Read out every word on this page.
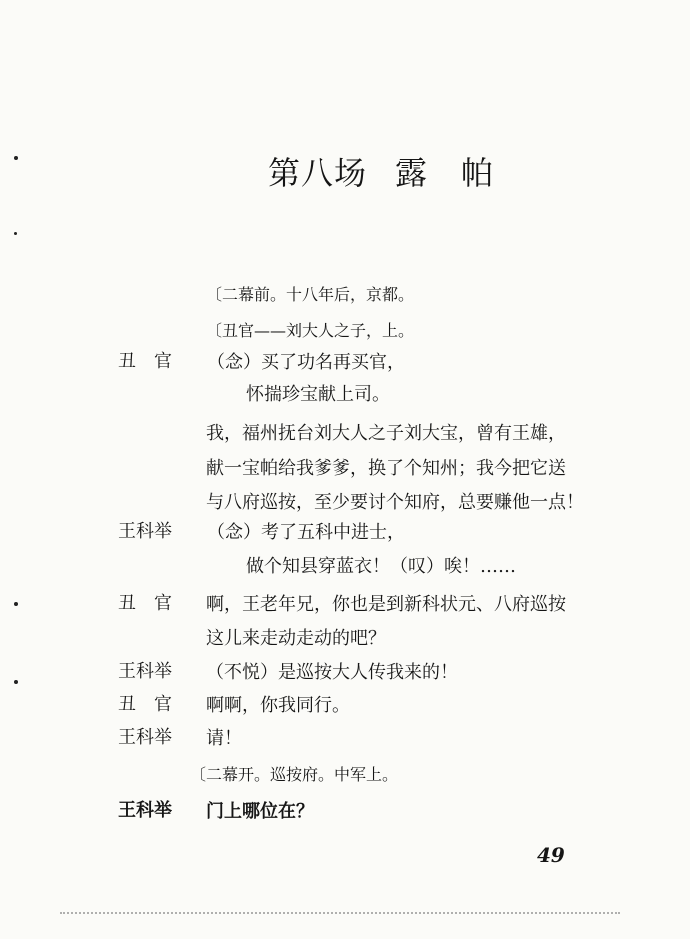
第八场 露　帕
〔二幕前。十八年后，京都。
〔丑官——刘大人之子，上。
丑　官	（念）买了功名再买官，
怀揣珍宝献上司。
我，福州抚台刘大人之子刘大宝，曾有王雄，
献一宝帕给我爹爹，换了个知州；我今把它送
与八府巡按，至少要讨个知府，总要赚他一点！
王科举	（念）考了五科中进士，
做个知县穿蓝衣！（叹）唉！……
丑　官	啊，王老年兄，你也是到新科状元、八府巡按
这儿来走动走动的吧？
王科举	（不悦）是巡按大人传我来的！
丑　官	啊啊，你我同行。
王科举	请！
〔二幕开。巡按府。中军上。
王科举	门上哪位在？
49
